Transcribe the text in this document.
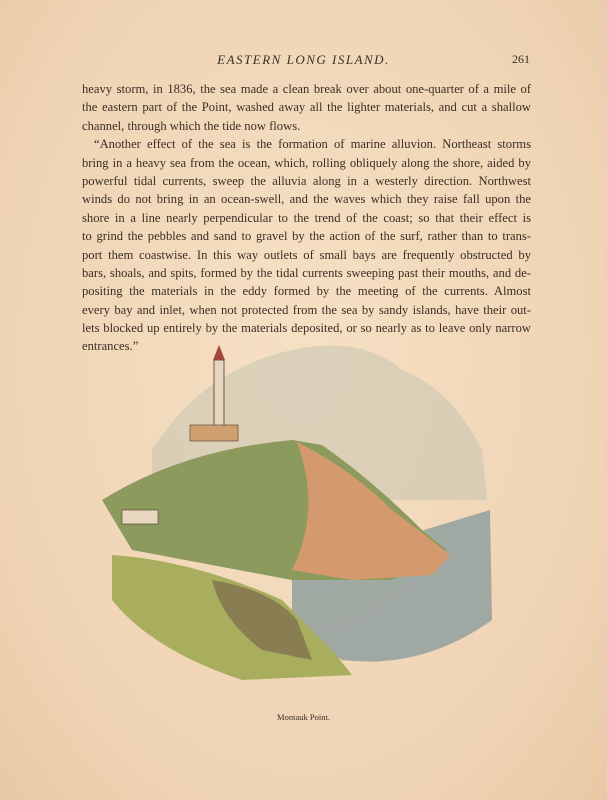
EASTERN LONG ISLAND.	261
heavy storm, in 1836, the sea made a clean break over about one-quarter of a mile of
the eastern part of the Point, washed away all the lighter materials, and cut a shallow
channel, through which the tide now flows.
“Another effect of the sea is the formation of marine alluvion. Northeast storms
bring in a heavy sea from the ocean, which, rolling obliquely along the shore, aided by
powerful tidal currents, sweep the alluvia along in a westerly direction. Northwest
winds do not bring in an ocean-swell, and the waves which they raise fall upon the
shore in a line nearly perpendicular to the trend of the coast; so that their effect is
to grind the pebbles and sand to gravel by the action of the surf, rather than to trans-
port them coastwise. In this way outlets of small bays are frequently obstructed by
bars, shoals, and spits, formed by the tidal currents sweeping past their mouths, and de-
positing the materials in the eddy formed by the meeting of the currents. Almost
every bay and inlet, when not protected from the sea by sandy islands, have their out-
lets blocked up entirely by the materials deposited, or so nearly as to leave only narrow
entrances.”
Montauk Point.
